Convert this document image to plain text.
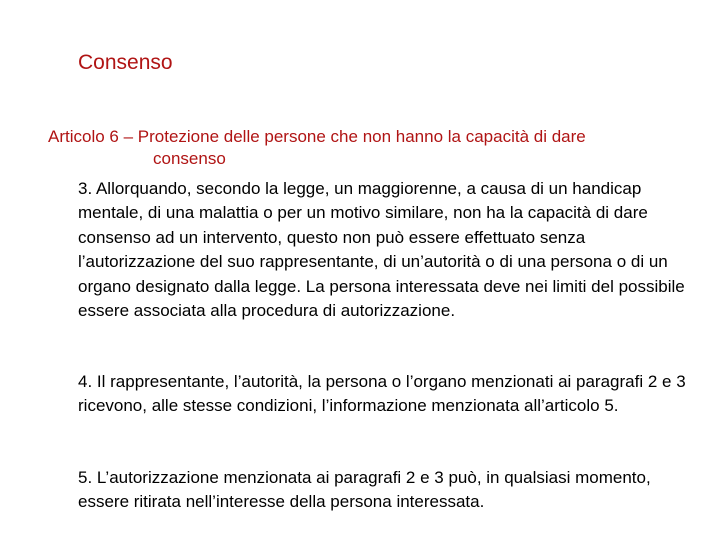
Consenso

Articolo 6 – Protezione delle persone che non hanno la capacità di dare
consenso

3. Allorquando, secondo la legge, un maggiorenne, a causa di un handicap mentale, di una malattia o per un motivo similare, non ha la capacità di dare consenso ad un intervento, questo non può essere effettuato senza l’autorizzazione del suo rappresentante, di un’autorità o di una persona o di un organo designato dalla legge. La persona interessata deve nei limiti del possibile essere associata alla procedura di autorizzazione.

4. Il rappresentante, l’autorità, la persona o l’organo menzionati ai paragrafi 2 e 3 ricevono, alle stesse condizioni, l’informazione menzionata all’articolo 5.

5. L’autorizzazione menzionata ai paragrafi 2 e 3 può, in qualsiasi momento, essere ritirata nell’interesse della persona interessata.
